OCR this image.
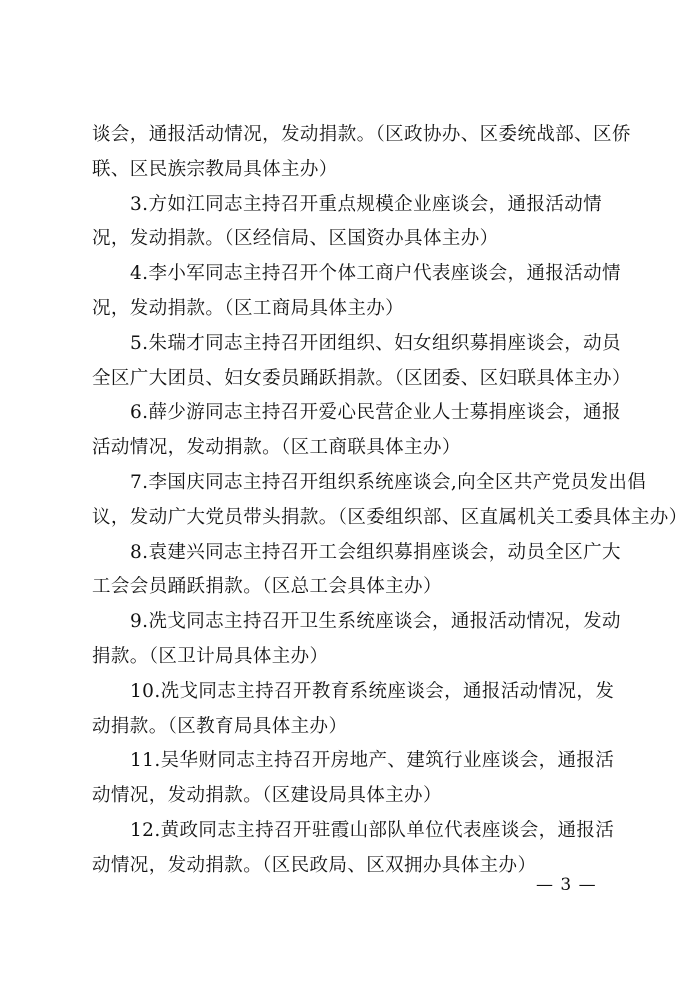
谈会，通报活动情况，发动捐款。（区政协办、区委统战部、区侨
联、区民族宗教局具体主办）
3.方如江同志主持召开重点规模企业座谈会，通报活动情
况，发动捐款。（区经信局、区国资办具体主办）
4.李小军同志主持召开个体工商户代表座谈会，通报活动情
况，发动捐款。（区工商局具体主办）
5.朱瑞才同志主持召开团组织、妇女组织募捐座谈会，动员
全区广大团员、妇女委员踊跃捐款。（区团委、区妇联具体主办）
6.薛少游同志主持召开爱心民营企业人士募捐座谈会，通报
活动情况，发动捐款。（区工商联具体主办）
7.李国庆同志主持召开组织系统座谈会,向全区共产党员发出倡
议，发动广大党员带头捐款。（区委组织部、区直属机关工委具体主办）
8.袁建兴同志主持召开工会组织募捐座谈会，动员全区广大
工会会员踊跃捐款。（区总工会具体主办）
9.冼戈同志主持召开卫生系统座谈会，通报活动情况，发动
捐款。（区卫计局具体主办）
10.冼戈同志主持召开教育系统座谈会，通报活动情况，发
动捐款。（区教育局具体主办）
11.吴华财同志主持召开房地产、建筑行业座谈会，通报活
动情况，发动捐款。（区建设局具体主办）
12.黄政同志主持召开驻霞山部队单位代表座谈会，通报活
动情况，发动捐款。（区民政局、区双拥办具体主办）
— 3 —
